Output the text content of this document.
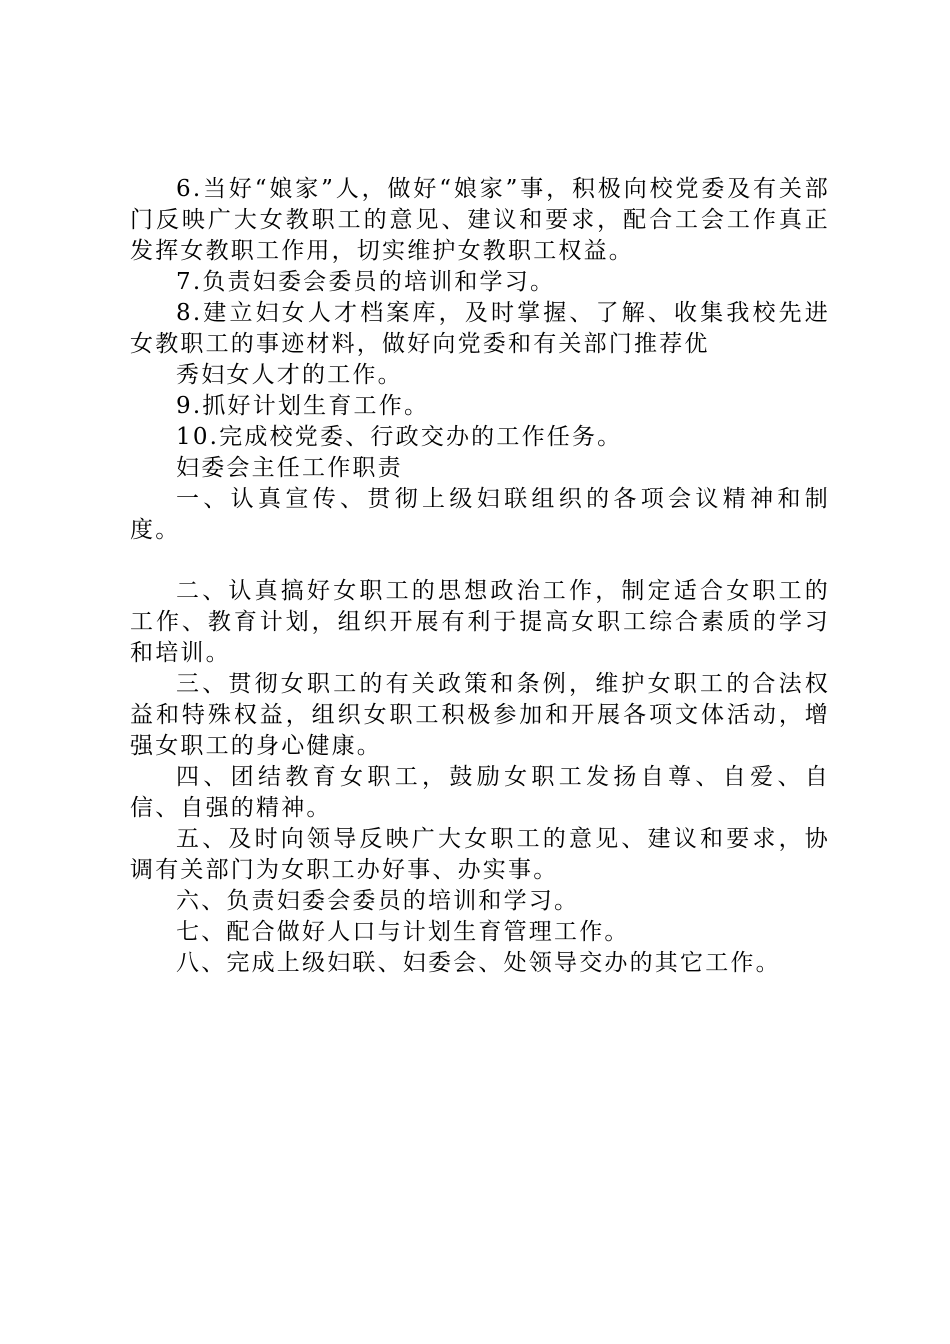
6.当好“娘家”人，做好“娘家”事，积极向校党委及有关部门反映广大女教职工的意见、建议和要求，配合工会工作真正发挥女教职工作用，切实维护女教职工权益。

7.负责妇委会委员的培训和学习。

8.建立妇女人才档案库，及时掌握、了解、收集我校先进女教职工的事迹材料，做好向党委和有关部门推荐优

秀妇女人才的工作。

9.抓好计划生育工作。

10.完成校党委、行政交办的工作任务。

妇委会主任工作职责

一、认真宣传、贯彻上级妇联组织的各项会议精神和制度。

二、认真搞好女职工的思想政治工作，制定适合女职工的工作、教育计划，组织开展有利于提高女职工综合素质的学习和培训。

三、贯彻女职工的有关政策和条例，维护女职工的合法权益和特殊权益，组织女职工积极参加和开展各项文体活动，增强女职工的身心健康。

四、团结教育女职工，鼓励女职工发扬自尊、自爱、自信、自强的精神。

五、及时向领导反映广大女职工的意见、建议和要求，协调有关部门为女职工办好事、办实事。

六、负责妇委会委员的培训和学习。

七、配合做好人口与计划生育管理工作。

八、完成上级妇联、妇委会、处领导交办的其它工作。
